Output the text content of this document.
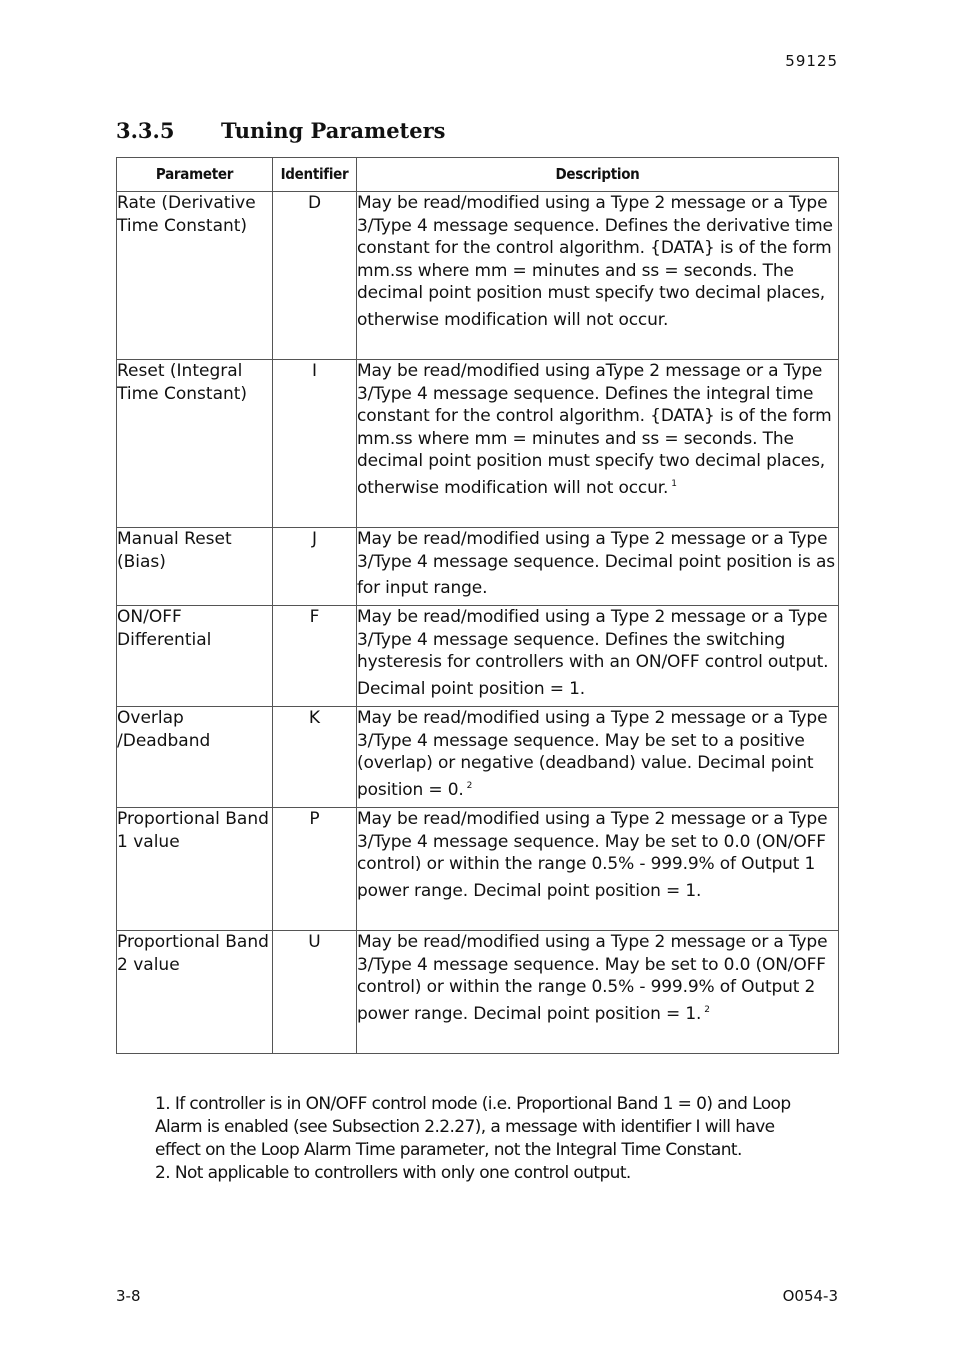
59125
3.3.5	Tuning Parameters
Parameter	Identifier	Description
Rate (Derivative Time Constant)	D	May be read/modified using a Type 2 message or a Type 3/Type 4 message sequence. Defines the derivative time constant for the control algorithm. {DATA} is of the form mm.ss where mm = minutes and ss = seconds. The decimal point position must specify two decimal places, otherwise modification will not occur.
Reset (Integral Time Constant)	I	May be read/modified using aType 2 message or a Type 3/Type 4 message sequence. Defines the integral time constant for the control algorithm. {DATA} is of the form mm.ss where mm = minutes and ss = seconds. The decimal point position must specify two decimal places, otherwise modification will not occur. $^1$
Manual Reset (Bias)	J	May be read/modified using a Type 2 message or a Type 3/Type 4 message sequence. Decimal point position is as for input range.
ON/OFF Differential	F	May be read/modified using a Type 2 message or a Type 3/Type 4 message sequence. Defines the switching hysteresis for controllers with an ON/OFF control output. Decimal point position = 1.
Overlap /Deadband	K	May be read/modified using a Type 2 message or a Type 3/Type 4 message sequence. May be set to a positive (overlap) or negative (deadband) value. Decimal point position = 0. $^2$
Proportional Band 1 value	P	May be read/modified using a Type 2 message or a Type 3/Type 4 message sequence. May be set to 0.0 (ON/OFF control) or within the range 0.5% - 999.9% of Output 1 power range. Decimal point position = 1.
Proportional Band 2 value	U	May be read/modified using a Type 2 message or a Type 3/Type 4 message sequence. May be set to 0.0 (ON/OFF control) or within the range 0.5% - 999.9% of Output 2 power range. Decimal point position = 1. $^2$

1. If controller is in ON/OFF control mode (i.e. Proportional Band 1 = 0) and Loop Alarm is enabled (see Subsection 2.2.27), a message with identifier I will have effect on the Loop Alarm Time parameter, not the Integral Time Constant.

2. Not applicable to controllers with only one control output.

3-8	O054-3
